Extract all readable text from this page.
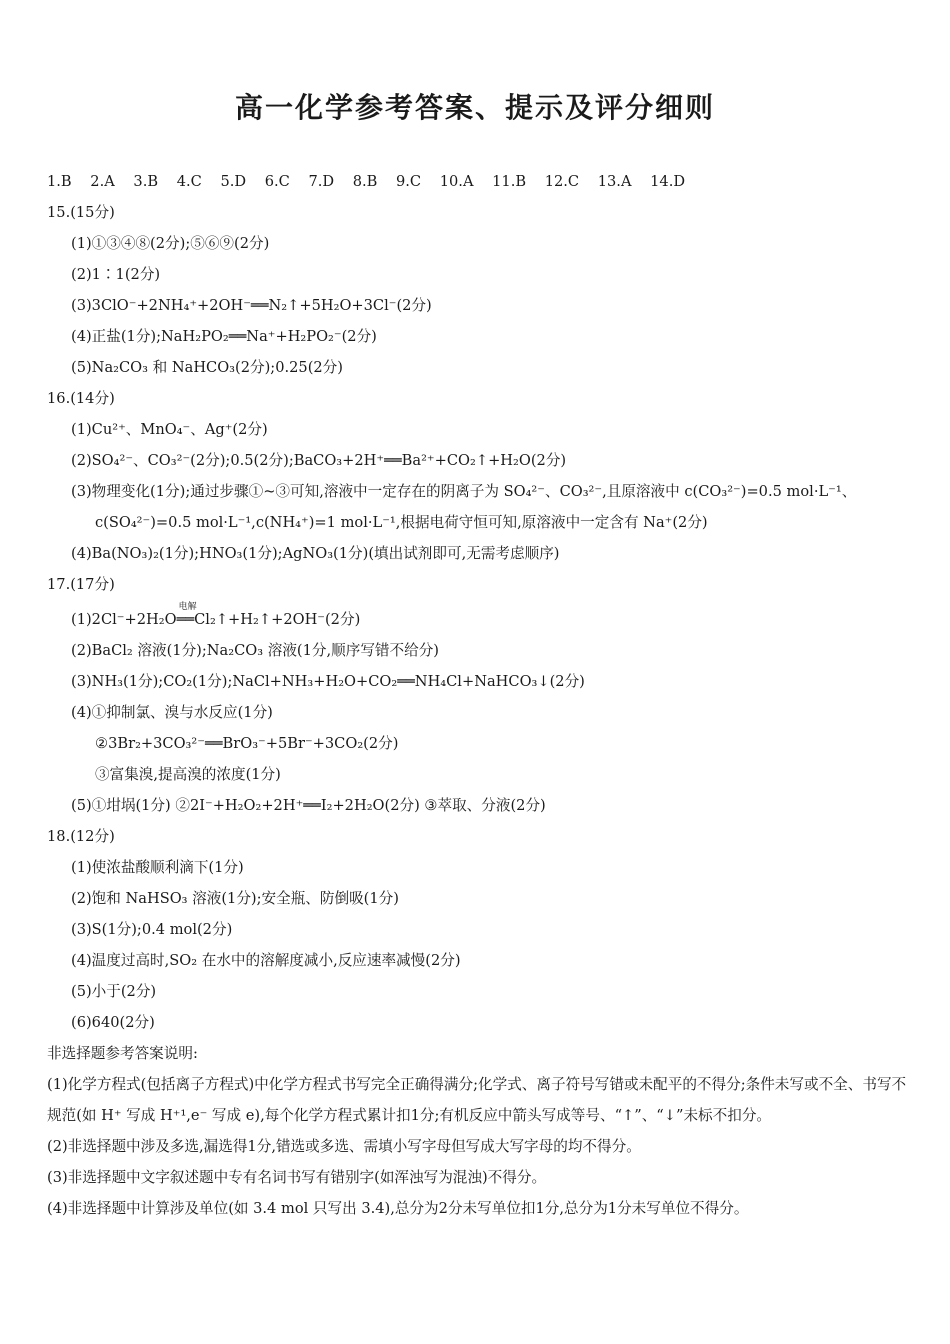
高一化学参考答案、提示及评分细则
1.B 2.A 3.B 4.C 5.D 6.C 7.D 8.B 9.C 10.A 11.B 12.C 13.A 14.D
15.(15分)
(1)①③④⑧(2分);⑤⑥⑨(2分)
(2)1∶1(2分)
(3)3ClO⁻+2NH₄⁺+2OH⁻══N₂↑+5H₂O+3Cl⁻(2分)
(4)正盐(1分);NaH₂PO₂══Na⁺+H₂PO₂⁻(2分)
(5)Na₂CO₃ 和 NaHCO₃(2分);0.25(2分)
16.(14分)
(1)Cu²⁺、MnO₄⁻、Ag⁺(2分)
(2)SO₄²⁻、CO₃²⁻(2分);0.5(2分);BaCO₃+2H⁺══Ba²⁺+CO₂↑+H₂O(2分)
(3)物理变化(1分);通过步骤①~③可知,溶液中一定存在的阴离子为 SO₄²⁻、CO₃²⁻,且原溶液中 c(CO₃²⁻)=0.5 mol·L⁻¹、
c(SO₄²⁻)=0.5 mol·L⁻¹,c(NH₄⁺)=1 mol·L⁻¹,根据电荷守恒可知,原溶液中一定含有 Na⁺(2分)
(4)Ba(NO₃)₂(1分);HNO₃(1分);AgNO₃(1分)(填出试剂即可,无需考虑顺序)
17.(17分)
(1)2Cl⁻+2H₂O
电解
══Cl₂↑+H₂↑+2OH⁻(2分)
(2)BaCl₂ 溶液(1分);Na₂CO₃ 溶液(1分,顺序写错不给分)
(3)NH₃(1分);CO₂(1分);NaCl+NH₃+H₂O+CO₂══NH₄Cl+NaHCO₃↓(2分)
(4)①抑制氯、溴与水反应(1分)
②3Br₂+3CO₃²⁻══BrO₃⁻+5Br⁻+3CO₂(2分)
③富集溴,提高溴的浓度(1分)
(5)①坩埚(1分) ②2I⁻+H₂O₂+2H⁺══I₂+2H₂O(2分) ③萃取、分液(2分)
18.(12分)
(1)使浓盐酸顺利滴下(1分)
(2)饱和 NaHSO₃ 溶液(1分);安全瓶、防倒吸(1分)
(3)S(1分);0.4 mol(2分)
(4)温度过高时,SO₂ 在水中的溶解度减小,反应速率减慢(2分)
(5)小于(2分)
(6)640(2分)
非选择题参考答案说明:
(1)化学方程式(包括离子方程式)中化学方程式书写完全正确得满分;化学式、离子符号写错或未配平的不得分;条件未写或不全、书写不规范(如 H⁺ 写成 H⁺¹,e⁻ 写成 e),每个化学方程式累计扣1分;有机反应中箭头写成等号、“↑”、“↓”未标不扣分。
(2)非选择题中涉及多选,漏选得1分,错选或多选、需填小写字母但写成大写字母的均不得分。
(3)非选择题中文字叙述题中专有名词书写有错别字(如浑浊写为混浊)不得分。
(4)非选择题中计算涉及单位(如 3.4 mol 只写出 3.4),总分为2分未写单位扣1分,总分为1分未写单位不得分。
